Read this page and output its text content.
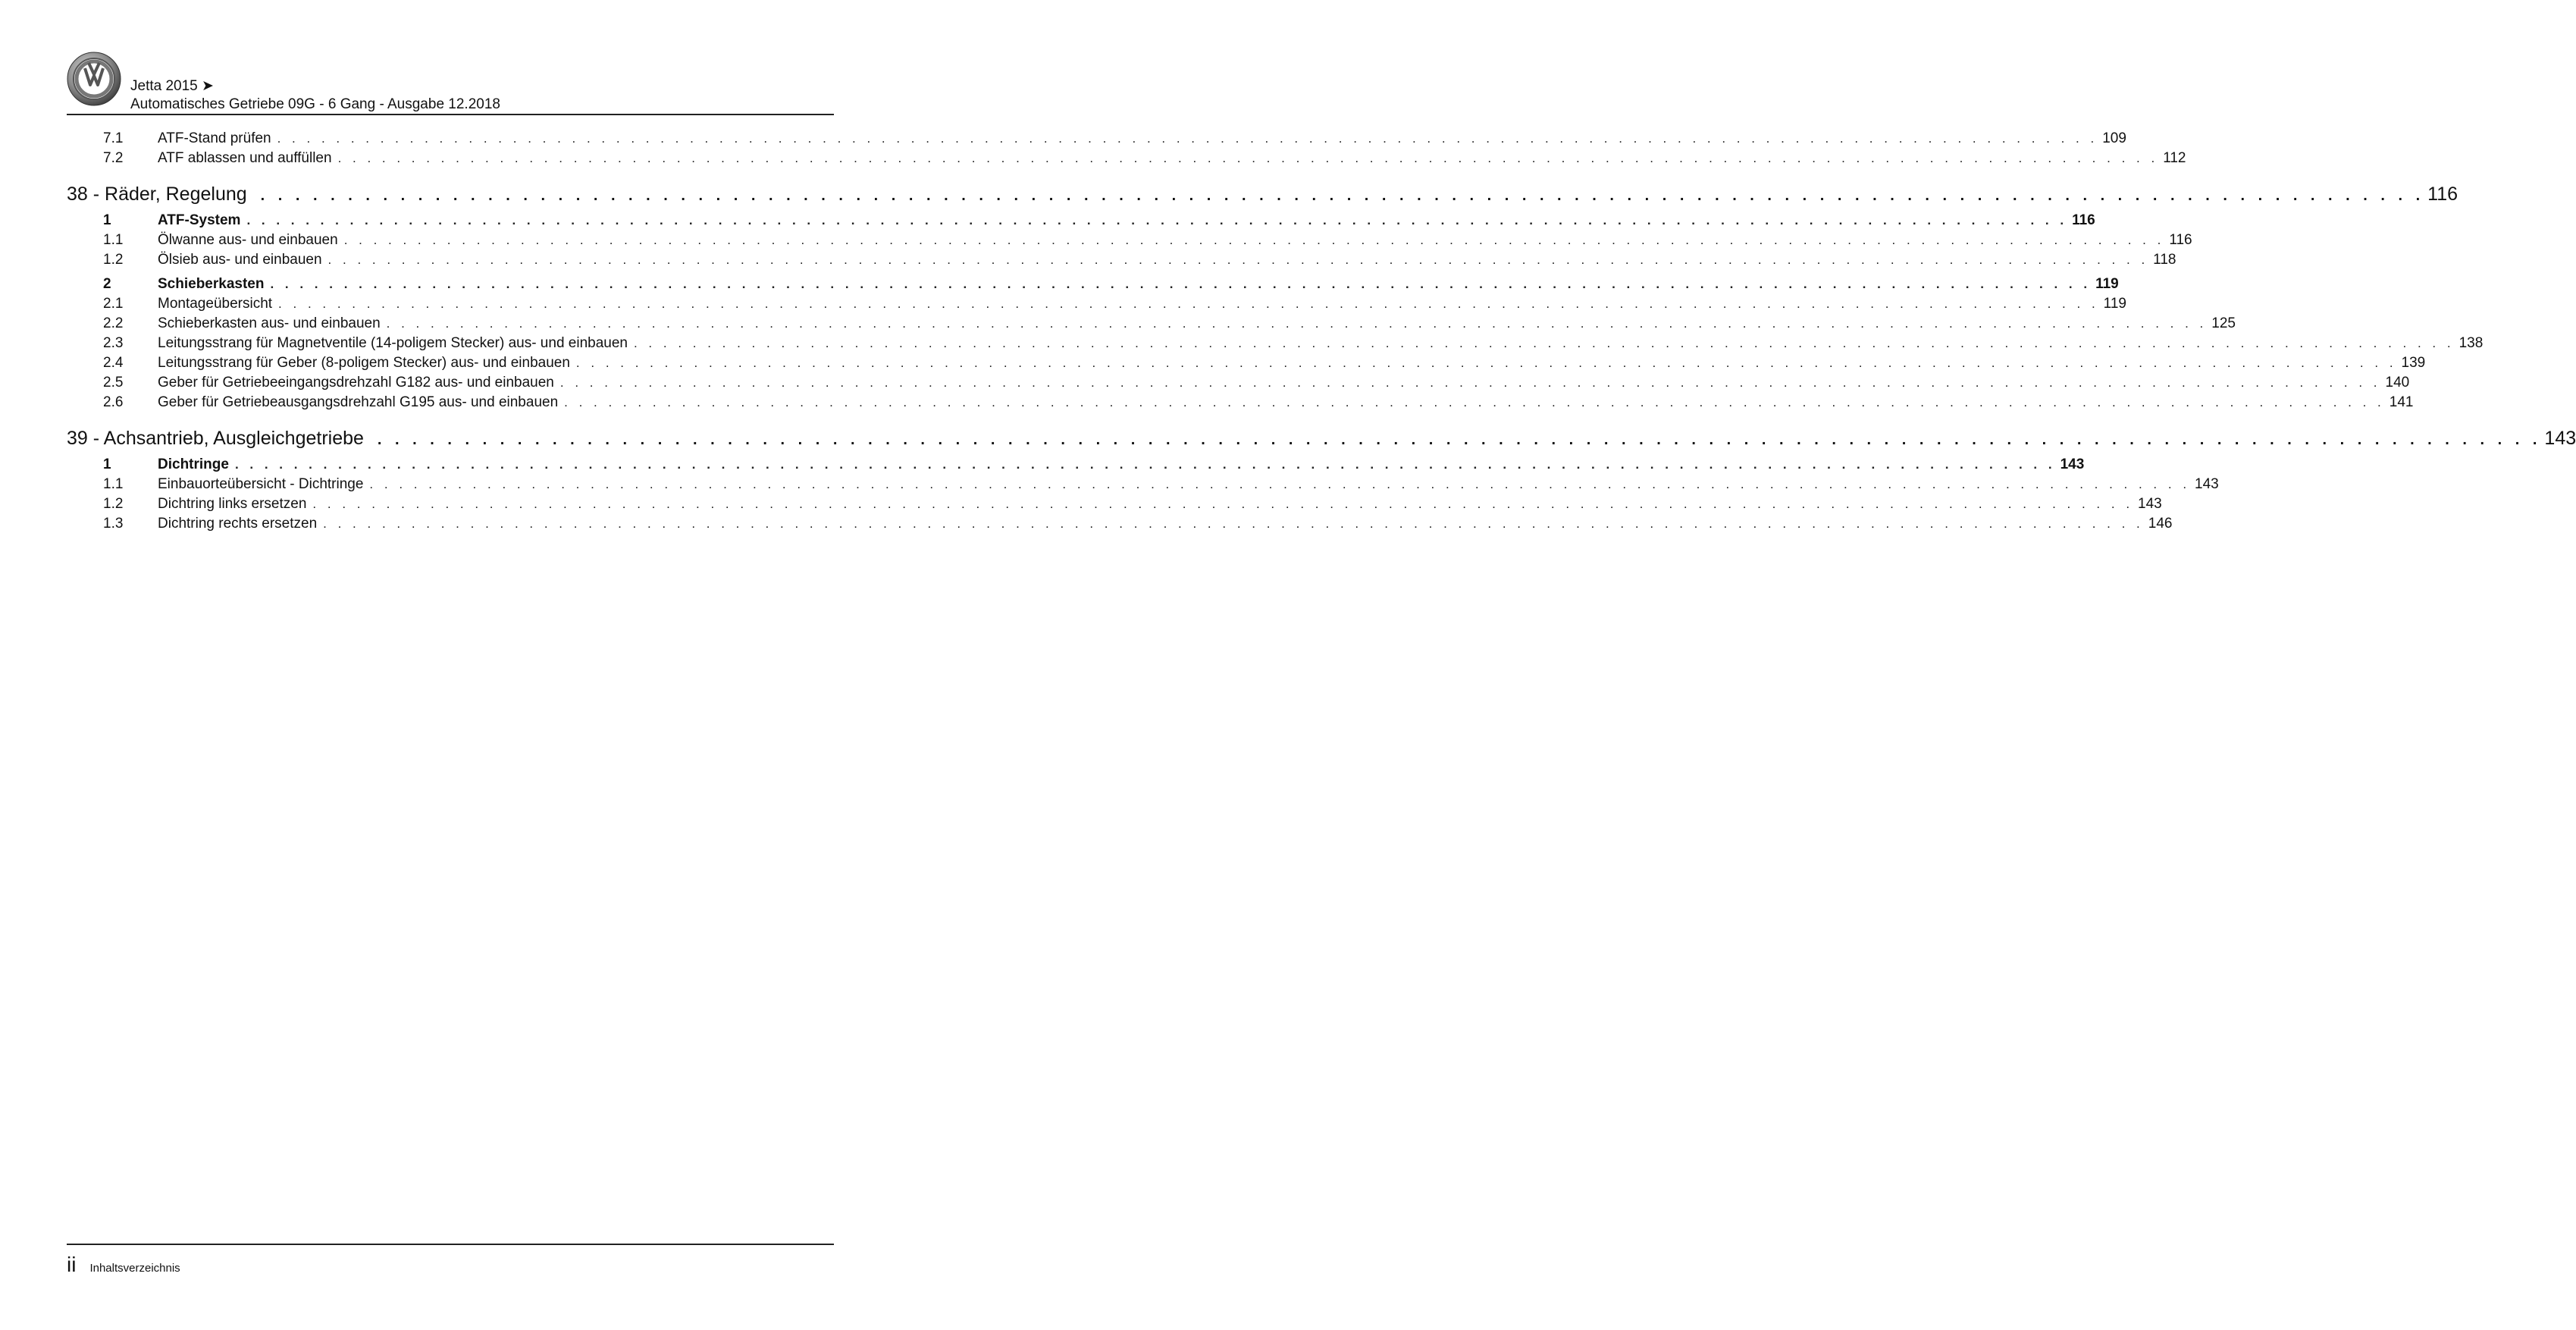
Jetta 2015 ➤
Automatisches Getriebe 09G - 6 Gang - Ausgabe 12.2018
7.1	ATF-Stand prüfen . . . . . . . . . . . . . . . . . . . . . . . . . . . . . . . . . . . . . . . . . . . . . . . . . . . . . . . . . . . . . . . . . . . . . . . . . . . . . . . . . . . . . . . . . . . . . . . . . . . . . . . . . . . . . . . . . . . . . . . . . . . . 109
7.2	ATF ablassen und auffüllen . . . . . . . . . . . . . . . . . . . . . . . . . . . . . . . . . . . . . . . . . . . . . . . . . . . . . . . . . . . . . . . . . . . . . . . . . . . . . . . . . . . . . . . . . . . . . . . . . . . . . . . . . . . . . . . . . . . . . . . . . . . . 112
38 - Räder, Regelung . . . . . . . . . . . . . . . . . . . . . . . . . . . . . . . . . . . . . . . . . . . . . . . . . . . . . . . . . . . . . . . . . . . . . . . . . . . . . . . . . . . . . . . . . . . . . . . . . . . . . . . . . . . . . . . . . . . . . . . . . . . . 116
1	ATF-System . . . . . . . . . . . . . . . . . . . . . . . . . . . . . . . . . . . . . . . . . . . . . . . . . . . . . . . . . . . . . . . . . . . . . . . . . . . . . . . . . . . . . . . . . . . . . . . . . . . . . . . . . . . . . . . . . . . . . . . . . . . . 116
1.1	Ölwanne aus- und einbauen . . . . . . . . . . . . . . . . . . . . . . . . . . . . . . . . . . . . . . . . . . . . . . . . . . . . . . . . . . . . . . . . . . . . . . . . . . . . . . . . . . . . . . . . . . . . . . . . . . . . . . . . . . . . . . . . . . . . . . . . . . . . 116
1.2	Ölsieb aus- und einbauen . . . . . . . . . . . . . . . . . . . . . . . . . . . . . . . . . . . . . . . . . . . . . . . . . . . . . . . . . . . . . . . . . . . . . . . . . . . . . . . . . . . . . . . . . . . . . . . . . . . . . . . . . . . . . . . . . . . . . . . . . . . . 118
2	Schieberkasten . . . . . . . . . . . . . . . . . . . . . . . . . . . . . . . . . . . . . . . . . . . . . . . . . . . . . . . . . . . . . . . . . . . . . . . . . . . . . . . . . . . . . . . . . . . . . . . . . . . . . . . . . . . . . . . . . . . . . . . . . . . . 119
2.1	Montageübersicht . . . . . . . . . . . . . . . . . . . . . . . . . . . . . . . . . . . . . . . . . . . . . . . . . . . . . . . . . . . . . . . . . . . . . . . . . . . . . . . . . . . . . . . . . . . . . . . . . . . . . . . . . . . . . . . . . . . . . . . . . . . . 119
2.2	Schieberkasten aus- und einbauen . . . . . . . . . . . . . . . . . . . . . . . . . . . . . . . . . . . . . . . . . . . . . . . . . . . . . . . . . . . . . . . . . . . . . . . . . . . . . . . . . . . . . . . . . . . . . . . . . . . . . . . . . . . . . . . . . . . . . . . . . . . . 125
2.3	Leitungsstrang für Magnetventile (14-poligem Stecker) aus- und einbauen . . . . . . . . . . . . . . . . . . . . . . . . . . . . . . . . . . . . . . . . . . . . . . . . . . . . . . . . . . . . . . . . . . . . . . . . . . . . . . . . . . . . . . . . . . . . . . . . . . . . . . . . . . . . . . . . . . . . . . . . . . . . 138
2.4	Leitungsstrang für Geber (8-poligem Stecker) aus- und einbauen . . . . . . . . . . . . . . . . . . . . . . . . . . . . . . . . . . . . . . . . . . . . . . . . . . . . . . . . . . . . . . . . . . . . . . . . . . . . . . . . . . . . . . . . . . . . . . . . . . . . . . . . . . . . . . . . . . . . . . . . . . . . 139
2.5	Geber für Getriebeeingangsdrehzahl G182 aus- und einbauen . . . . . . . . . . . . . . . . . . . . . . . . . . . . . . . . . . . . . . . . . . . . . . . . . . . . . . . . . . . . . . . . . . . . . . . . . . . . . . . . . . . . . . . . . . . . . . . . . . . . . . . . . . . . . . . . . . . . . . . . . . . . 140
2.6	Geber für Getriebeausgangsdrehzahl G195 aus- und einbauen . . . . . . . . . . . . . . . . . . . . . . . . . . . . . . . . . . . . . . . . . . . . . . . . . . . . . . . . . . . . . . . . . . . . . . . . . . . . . . . . . . . . . . . . . . . . . . . . . . . . . . . . . . . . . . . . . . . . . . . . . . . . 141
39 - Achsantrieb, Ausgleichgetriebe . . . . . . . . . . . . . . . . . . . . . . . . . . . . . . . . . . . . . . . . . . . . . . . . . . . . . . . . . . . . . . . . . . . . . . . . . . . . . . . . . . . . . . . . . . . . . . . . . . . . . . . . . . . . . . . . . . . . . . . . . . . . 143
1	Dichtringe . . . . . . . . . . . . . . . . . . . . . . . . . . . . . . . . . . . . . . . . . . . . . . . . . . . . . . . . . . . . . . . . . . . . . . . . . . . . . . . . . . . . . . . . . . . . . . . . . . . . . . . . . . . . . . . . . . . . . . . . . . . . 143
1.1	Einbauorteübersicht - Dichtringe . . . . . . . . . . . . . . . . . . . . . . . . . . . . . . . . . . . . . . . . . . . . . . . . . . . . . . . . . . . . . . . . . . . . . . . . . . . . . . . . . . . . . . . . . . . . . . . . . . . . . . . . . . . . . . . . . . . . . . . . . . . . 143
1.2	Dichtring links ersetzen . . . . . . . . . . . . . . . . . . . . . . . . . . . . . . . . . . . . . . . . . . . . . . . . . . . . . . . . . . . . . . . . . . . . . . . . . . . . . . . . . . . . . . . . . . . . . . . . . . . . . . . . . . . . . . . . . . . . . . . . . . . . 143
1.3	Dichtring rechts ersetzen . . . . . . . . . . . . . . . . . . . . . . . . . . . . . . . . . . . . . . . . . . . . . . . . . . . . . . . . . . . . . . . . . . . . . . . . . . . . . . . . . . . . . . . . . . . . . . . . . . . . . . . . . . . . . . . . . . . . . . . . . . . . 146
ii Inhaltsverzeichnis
